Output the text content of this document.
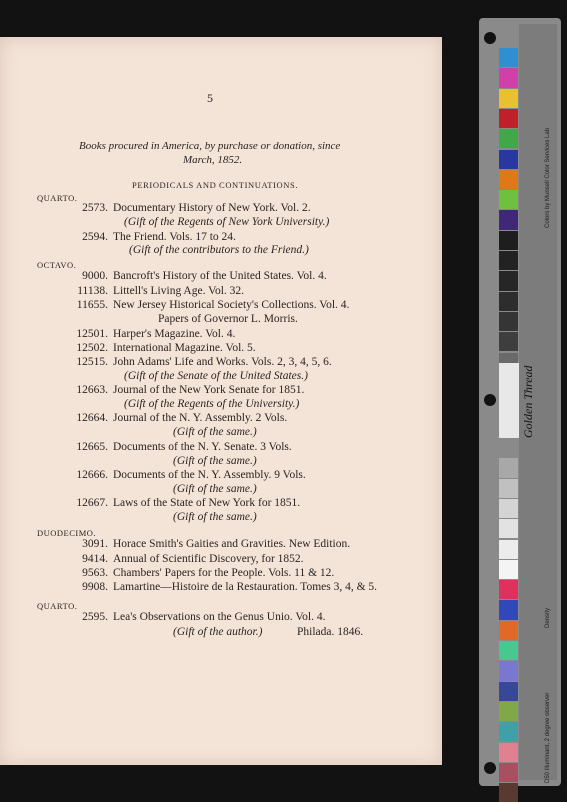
5
Books procured in America, by purchase or donation, since
March, 1852.
PERIODICALS AND CONTINUATIONS.
QUARTO.
2573. Documentary History of New York. Vol. 2.
(Gift of the Regents of New York University.)
2594. The Friend. Vols. 17 to 24.
(Gift of the contributors to the Friend.)
OCTAVO.
9000. Bancroft's History of the United States. Vol. 4.
11138. Littell's Living Age. Vol. 32.
11655. New Jersey Historical Society's Collections. Vol. 4.
Papers of Governor L. Morris.
12501. Harper's Magazine. Vol. 4.
12502. International Magazine. Vol. 5.
12515. John Adams' Life and Works. Vols. 2, 3, 4, 5, 6.
(Gift of the Senate of the United States.)
12663. Journal of the New York Senate for 1851.
(Gift of the Regents of the University.)
12664. Journal of the N. Y. Assembly. 2 Vols.
(Gift of the same.)
12665. Documents of the N. Y. Senate. 3 Vols.
(Gift of the same.)
12666. Documents of the N. Y. Assembly. 9 Vols.
(Gift of the same.)
12667. Laws of the State of New York for 1851.
(Gift of the same.)
DUODECIMO.
3091. Horace Smith's Gaities and Gravities. New Edition.
9414. Annual of Scientific Discovery, for 1852.
9563. Chambers' Papers for the People. Vols. 11 & 12.
9908. Lamartine—Histoire de la Restauration. Tomes 3, 4, & 5.
QUARTO.
2595. Lea's Observations on the Genus Unio. Vol. 4.
(Gift of the author.)	Philada. 1846.
Golden Thread
Colors by Munsell Color Services Lab
D50 Illuminant, 2 degree observer
Density
